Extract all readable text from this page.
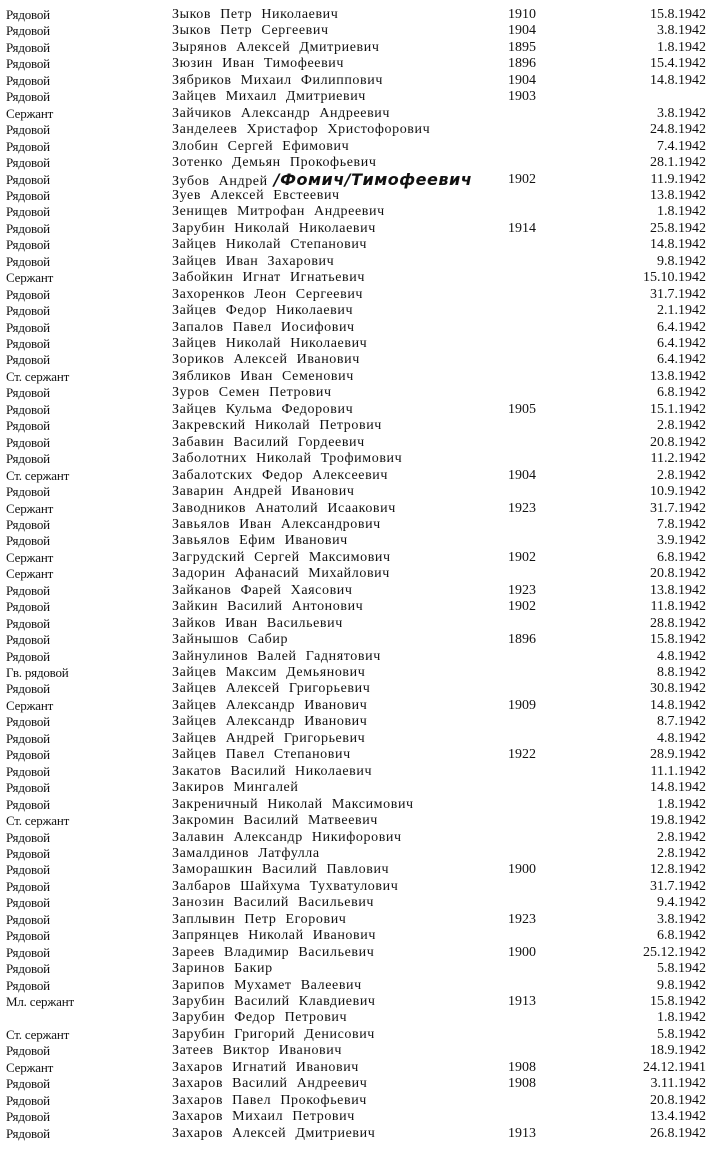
Рядовой	Зыков Петр Николаевич	1910	15.8.1942
Рядовой	Зыков Петр Сергеевич	1904	3.8.1942
Рядовой	Зырянов Алексей Дмитриевич	1895	1.8.1942
Рядовой	Зюзин Иван Тимофеевич	1896	15.4.1942
Рядовой	Зябриков Михаил Филиппович	1904	14.8.1942
Рядовой	Зайцев Михаил Дмитриевич	1903
Сержант	Зайчиков Александр Андреевич	3.8.1942
Рядовой	Занделеев Христафор Христофорович	24.8.1942
Рядовой	Злобин Сергей Ефимович	7.4.1942
Рядовой	Зотенко Демьян Прокофьевич	28.1.1942
Рядовой	Зубов Андрей /Фомич/Тимофеевич	1902	11.9.1942
Рядовой	Зуев Алексей Евстеевич	13.8.1942
Рядовой	Зенищев Митрофан Андреевич	1.8.1942
Рядовой	Зарубин Николай Николаевич	1914	25.8.1942
Рядовой	Зайцев Николай Степанович	14.8.1942
Рядовой	Зайцев Иван Захарович	9.8.1942
Сержант	Забойкин Игнат Игнатьевич	15.10.1942
Рядовой	Захоренков Леон Сергеевич	31.7.1942
Рядовой	Зайцев Федор Николаевич	2.1.1942
Рядовой	Запалов Павел Иосифович	6.4.1942
Рядовой	Зайцев Николай Николаевич	6.4.1942
Рядовой	Зориков Алексей Иванович	6.4.1942
Ст. сержант	Зябликов Иван Семенович	13.8.1942
Рядовой	Зуров Семен Петрович	6.8.1942
Рядовой	Зайцев Кульма Федорович	1905	15.1.1942
Рядовой	Закревский Николай Петрович	2.8.1942
Рядовой	Забавин Василий Гордеевич	20.8.1942
Рядовой	Заболотних Николай Трофимович	11.2.1942
Ст. сержант	Забалотских Федор Алексеевич	1904	2.8.1942
Рядовой	Заварин Андрей Иванович	10.9.1942
Сержант	Заводников Анатолий Исаакович	1923	31.7.1942
Рядовой	Завьялов Иван Александрович	7.8.1942
Рядовой	Завьялов Ефим Иванович	3.9.1942
Сержант	Загрудский Сергей Максимович	1902	6.8.1942
Сержант	Задорин Афанасий Михайлович	20.8.1942
Рядовой	Зайканов Фарей Хаясович	1923	13.8.1942
Рядовой	Зайкин Василий Антонович	1902	11.8.1942
Рядовой	Зайков Иван Васильевич	28.8.1942
Рядовой	Зайнышов Сабир	1896	15.8.1942
Рядовой	Зайнулинов Валей Гаднятович	4.8.1942
Гв. рядовой	Зайцев Максим Демьянович	8.8.1942
Рядовой	Зайцев Алексей Григорьевич	30.8.1942
Сержант	Зайцев Александр Иванович	1909	14.8.1942
Рядовой	Зайцев Александр Иванович	8.7.1942
Рядовой	Зайцев Андрей Григорьевич	4.8.1942
Рядовой	Зайцев Павел Степанович	1922	28.9.1942
Рядовой	Закатов Василий Николаевич	11.1.1942
Рядовой	Закиров Мингалей	14.8.1942
Рядовой	Закреничный Николай Максимович	1.8.1942
Ст. сержант	Закромин Василий Матвеевич	19.8.1942
Рядовой	Залавин Александр Никифорович	2.8.1942
Рядовой	Замалдинов Латфулла	2.8.1942
Рядовой	Заморашкин Василий Павлович	1900	12.8.1942
Рядовой	Залбаров Шайхума Тухватулович	31.7.1942
Рядовой	Занозин Василий Васильевич	9.4.1942
Рядовой	Заплывин Петр Егорович	1923	3.8.1942
Рядовой	Запрянцев Николай Иванович	6.8.1942
Рядовой	Зареев Владимир Васильевич	1900	25.12.1942
Рядовой	Заринов Бакир	5.8.1942
Рядовой	Зарипов Мухамет Валеевич	9.8.1942
Мл. сержант	Зарубин Василий Клавдиевич	1913	15.8.1942
Зарубин Федор Петрович	1.8.1942
Ст. сержант	Зарубин Григорий Денисович	5.8.1942
Рядовой	Затеев Виктор Иванович	18.9.1942
Сержант	Захаров Игнатий Иванович	1908	24.12.1941
Рядовой	Захаров Василий Андреевич	1908	3.11.1942
Рядовой	Захаров Павел Прокофьевич	20.8.1942
Рядовой	Захаров Михаил Петрович	13.4.1942
Рядовой	Захаров Алексей Дмитриевич	1913	26.8.1942
